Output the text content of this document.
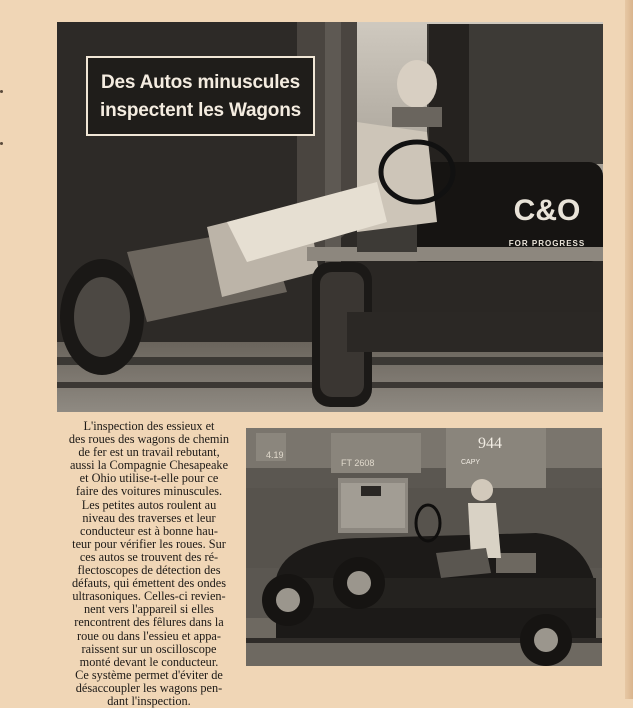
C&O
FOR PROGRESS
Des Autos minuscules
inspectent les Wagons
L'inspection des essieux et
des roues des wagons de chemin
de fer est un travail rebutant,
aussi la Compagnie Chesapeake
et Ohio utilise-t-elle pour ce
faire des voitures minuscules.
Les petites autos roulent au
niveau des traverses et leur
conducteur est à bonne hau-
teur pour vérifier les roues. Sur
ces autos se trouvent des ré-
flectoscopes de détection des
défauts, qui émettent des ondes
ultrasoniques. Celles-ci revien-
nent vers l'appareil si elles
rencontrent des fêlures dans la
roue ou dans l'essieu et appa-
raissent sur un oscilloscope
monté devant le conducteur.
Ce système permet d'éviter de
désaccoupler les wagons pen-
dant l'inspection.
4.19
FT 2608
944
CAPY
